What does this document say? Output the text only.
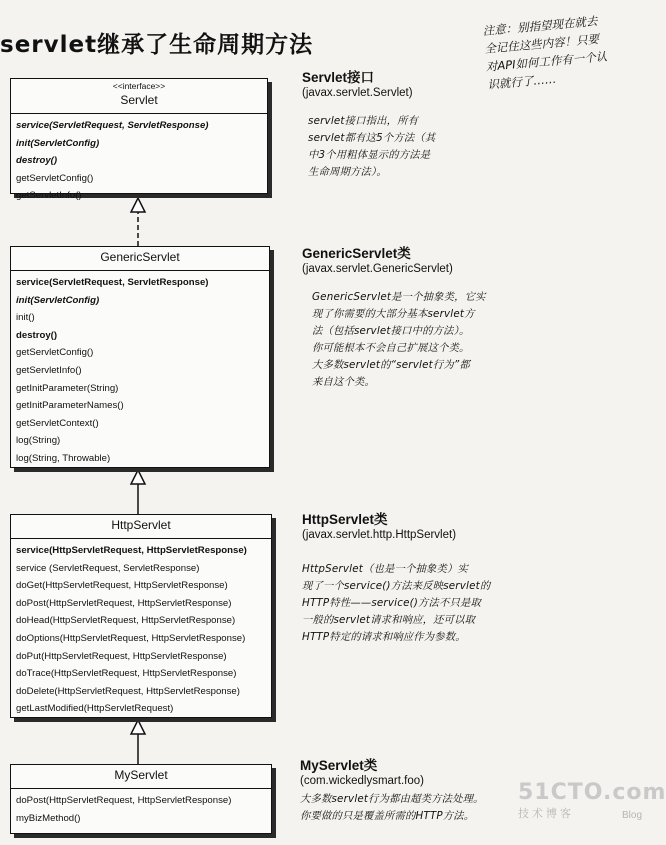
servlet继承了生命周期方法
注意：别指望现在就去
全记住这些内容！只要
对API如何工作有一个认
识就行了……
<<interface>>
Servlet
service(ServletRequest, ServletResponse)
init(ServletConfig)
destroy()
getServletConfig()
getServletInfo()
GenericServlet
service(ServletRequest, ServletResponse)
init(ServletConfig)
init()
destroy()
getServletConfig()
getServletInfo()
getInitParameter(String)
getInitParameterNames()
getServletContext()
log(String)
log(String, Throwable)
HttpServlet
service(HttpServletRequest, HttpServletResponse)
service (ServletRequest, ServletResponse)
doGet(HttpServletRequest, HttpServletResponse)
doPost(HttpServletRequest, HttpServletResponse)
doHead(HttpServletRequest, HttpServletResponse)
doOptions(HttpServletRequest, HttpServletResponse)
doPut(HttpServletRequest, HttpServletResponse)
doTrace(HttpServletRequest, HttpServletResponse)
doDelete(HttpServletRequest, HttpServletResponse)
getLastModified(HttpServletRequest)
MyServlet
doPost(HttpServletRequest, HttpServletResponse)
myBizMethod()
Servlet接口
(javax.servlet.Servlet)
servlet接口指出，所有
servlet都有这5个方法（其
中3个用粗体显示的方法是
生命周期方法）。
GenericServlet类
(javax.servlet.GenericServlet)
GenericServlet是一个抽象类，它实
现了你需要的大部分基本servlet方
法（包括servlet接口中的方法）。
你可能根本不会自己扩展这个类。
大多数servlet的“servlet行为”都
来自这个类。
HttpServlet类
(javax.servlet.http.HttpServlet)
HttpServlet（也是一个抽象类）实
现了一个service()方法来反映servlet的
HTTP特性——service()方法不只是取
一般的servlet请求和响应，还可以取
HTTP特定的请求和响应作为参数。
MyServlet类
(com.wickedlysmart.foo)
大多数servlet行为都由超类方法处理。
你要做的只是覆盖所需的HTTP方法。
51CTO.com
技术博客	Blog
